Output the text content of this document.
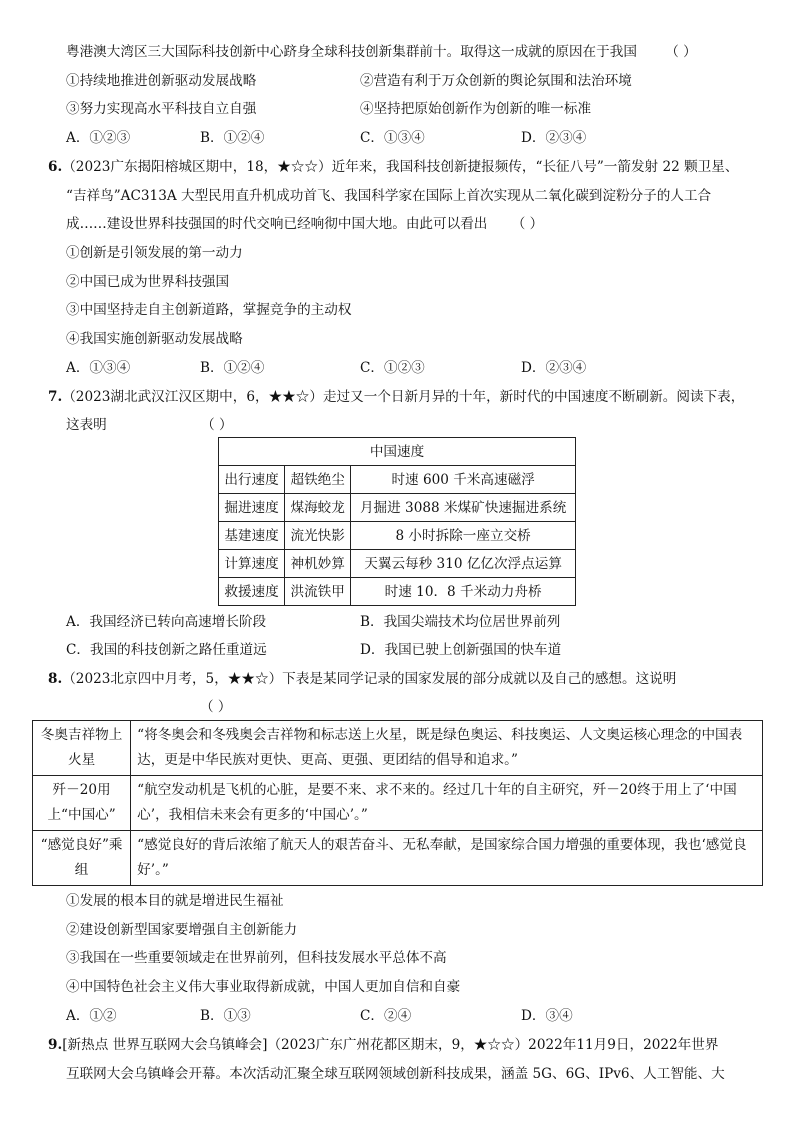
粤港澳大湾区三大国际科技创新中心跻身全球科技创新集群前十。取得这一成就的原因在于我国 （ ）
①持续地推进创新驱动发展战略	②营造有利于万众创新的舆论氛围和法治环境
③努力实现高水平科技自立自强	④坚持把原始创新作为创新的唯一标准
A．①②③	B．①②④	C．①③④	D．②③④
6.（2023广东揭阳榕城区期中，18，★☆☆）近年来，我国科技创新捷报频传，“长征八号”一箭发射 22 颗卫星、
“吉祥鸟”AC313A 大型民用直升机成功首飞、我国科学家在国际上首次实现从二氧化碳到淀粉分子的人工合
成……建设世界科技强国的时代交响已经响彻中国大地。由此可以看出 （ ）
①创新是引领发展的第一动力
②中国已成为世界科技强国
③中国坚持走自主创新道路，掌握竞争的主动权
④我国实施创新驱动发展战略
A．①③④	B．①②④	C．①②③	D．②③④
7.（2023湖北武汉江汉区期中，6，★★☆）走过又一个日新月异的十年，新时代的中国速度不断刷新。阅读下表，
这表明	（ ）
中国速度		
出行速度	超铁绝尘	时速 600 千米高速磁浮
掘进速度	煤海蛟龙	月掘进 3088 米煤矿快速掘进系统
基建速度	流光快影	8 小时拆除一座立交桥
计算速度	神机妙算	天翼云每秒 310 亿亿次浮点运算
救援速度	洪流铁甲	时速 10．8 千米动力舟桥
A．我国经济已转向高速增长阶段	B．我国尖端技术均位居世界前列
C．我国的科技创新之路任重道远	D．我国已驶上创新强国的快车道
8.（2023北京四中月考，5，★★☆）下表是某同学记录的国家发展的部分成就以及自己的感想。这说明
（ ）
冬奥吉祥物上火星	“将冬奥会和冬残奥会吉祥物和标志送上火星，既是绿色奥运、科技奥运、人文奥运核心理念的中国表达，更是中华民族对更快、更高、更强、更团结的倡导和追求。”
歼－20用上“中国心”	“航空发动机是飞机的心脏，是要不来、求不来的。经过几十年的自主研究，歼－20终于用上了‘中国心’，我相信未来会有更多的‘中国心’。”
“感觉良好”乘组	“感觉良好的背后浓缩了航天人的艰苦奋斗、无私奉献，是国家综合国力增强的重要体现，我也‘感觉良好’。”
①发展的根本目的就是增进民生福祉
②建设创新型国家要增强自主创新能力
③我国在一些重要领域走在世界前列，但科技发展水平总体不高
④中国特色社会主义伟大事业取得新成就，中国人更加自信和自豪
A．①②	B．①③	C．②④	D．③④
9.[新热点 世界互联网大会乌镇峰会]（2023广东广州花都区期末，9，★☆☆）2022年11月9日，2022年世界
互联网大会乌镇峰会开幕。本次活动汇聚全球互联网领域创新科技成果，涵盖 5G、6G、IPv6、人工智能、大
